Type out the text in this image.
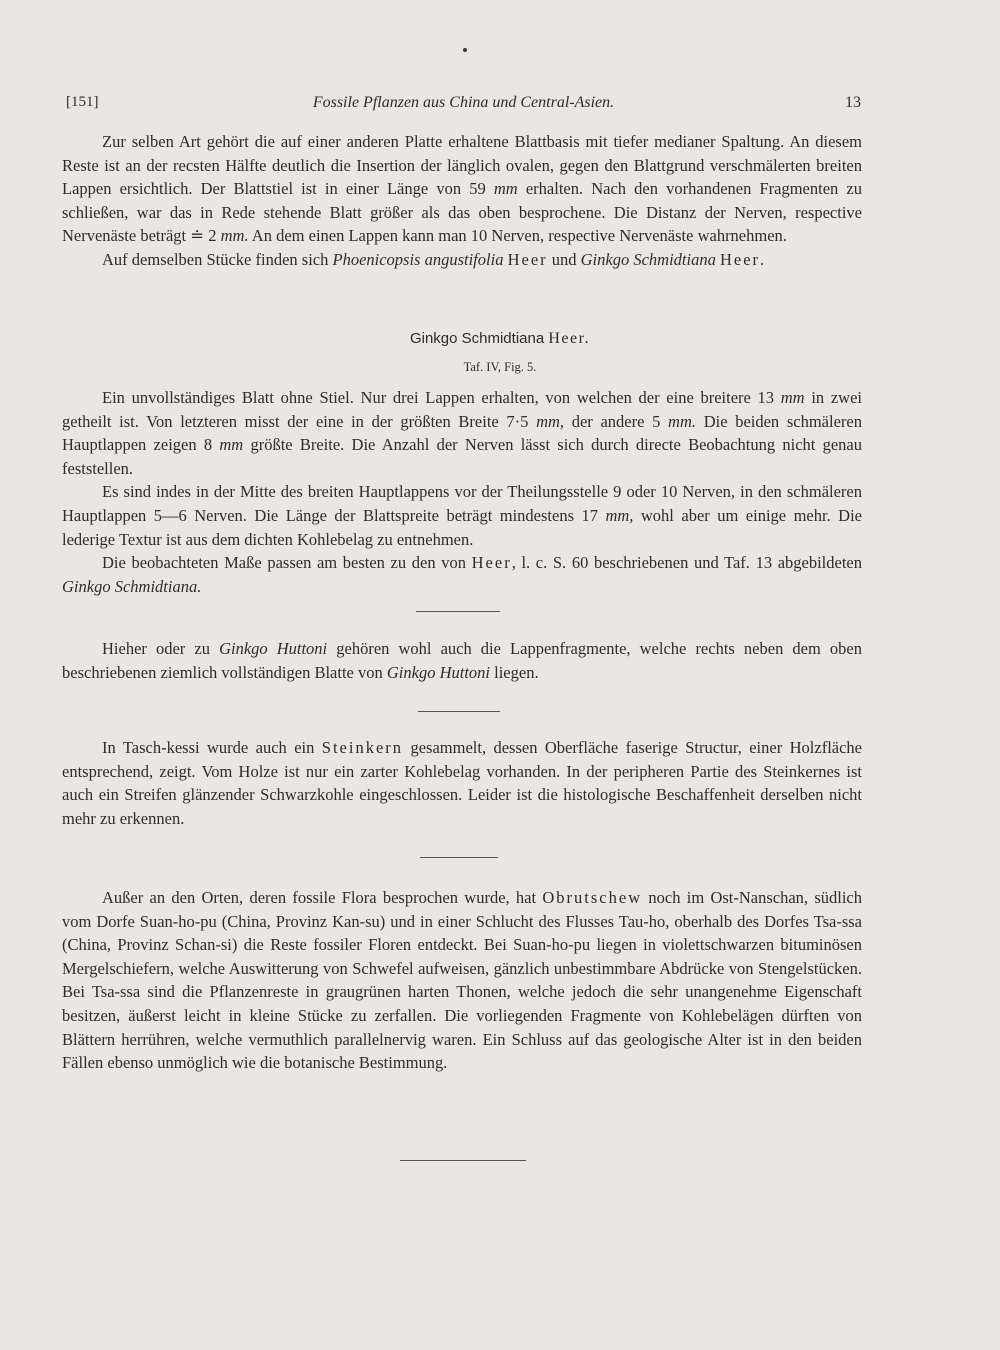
[151]	Fossile Pflanzen aus China und Central-Asien.	13

Zur selben Art gehört die auf einer anderen Platte erhaltene Blattbasis mit tiefer medianer Spaltung. An diesem Reste ist an der recsten Hälfte deutlich die Insertion der länglich ovalen, gegen den Blattgrund verschmälerten breiten Lappen ersichtlich. Der Blattstiel ist in einer Länge von 59 mm erhalten. Nach den vorhandenen Fragmenten zu schließen, war das in Rede stehende Blatt größer als das oben besprochene. Die Distanz der Nerven, respective Nervenäste beträgt ≐ 2 mm. An dem einen Lappen kann man 10 Nerven, respective Nervenäste wahrnehmen.

Auf demselben Stücke finden sich Phoenicopsis angustifolia Heer und Ginkgo Schmidtiana Heer.

Ginkgo Schmidtiana Heer.
Taf. IV, Fig. 5.

Ein unvollständiges Blatt ohne Stiel. Nur drei Lappen erhalten, von welchen der eine breitere 13 mm in zwei getheilt ist. Von letzteren misst der eine in der größten Breite 7·5 mm, der andere 5 mm. Die beiden schmäleren Hauptlappen zeigen 8 mm größte Breite. Die Anzahl der Nerven lässt sich durch directe Beobachtung nicht genau feststellen.

Es sind indes in der Mitte des breiten Hauptlappens vor der Theilungsstelle 9 oder 10 Nerven, in den schmäleren Hauptlappen 5—6 Nerven. Die Länge der Blattspreite beträgt mindestens 17 mm, wohl aber um einige mehr. Die lederige Textur ist aus dem dichten Kohlebelag zu entnehmen.

Die beobachteten Maße passen am besten zu den von Heer, l. c. S. 60 beschriebenen und Taf. 13 abgebildeten Ginkgo Schmidtiana.

Hieher oder zu Ginkgo Huttoni gehören wohl auch die Lappenfragmente, welche rechts neben dem oben beschriebenen ziemlich vollständigen Blatte von Ginkgo Huttoni liegen.

In Tasch-kessi wurde auch ein Steinkern gesammelt, dessen Oberfläche faserige Structur, einer Holzfläche entsprechend, zeigt. Vom Holze ist nur ein zarter Kohlebelag vorhanden. In der peripheren Partie des Steinkernes ist auch ein Streifen glänzender Schwarzkohle eingeschlossen. Leider ist die histologische Beschaffenheit derselben nicht mehr zu erkennen.

Außer an den Orten, deren fossile Flora besprochen wurde, hat Obrutschew noch im Ost-Nanschan, südlich vom Dorfe Suan-ho-pu (China, Provinz Kan-su) und in einer Schlucht des Flusses Tau-ho, oberhalb des Dorfes Tsa-ssa (China, Provinz Schan-si) die Reste fossiler Floren entdeckt. Bei Suan-ho-pu liegen in violettschwarzen bituminösen Mergelschiefern, welche Auswitterung von Schwefel aufweisen, gänzlich unbestimmbare Abdrücke von Stengelstücken. Bei Tsa-ssa sind die Pflanzenreste in graugrünen harten Thonen, welche jedoch die sehr unangenehme Eigenschaft besitzen, äußerst leicht in kleine Stücke zu zerfallen. Die vorliegenden Fragmente von Kohlebelägen dürften von Blättern herrühren, welche vermuthlich parallelnervig waren. Ein Schluss auf das geologische Alter ist in den beiden Fällen ebenso unmöglich wie die botanische Bestimmung.
